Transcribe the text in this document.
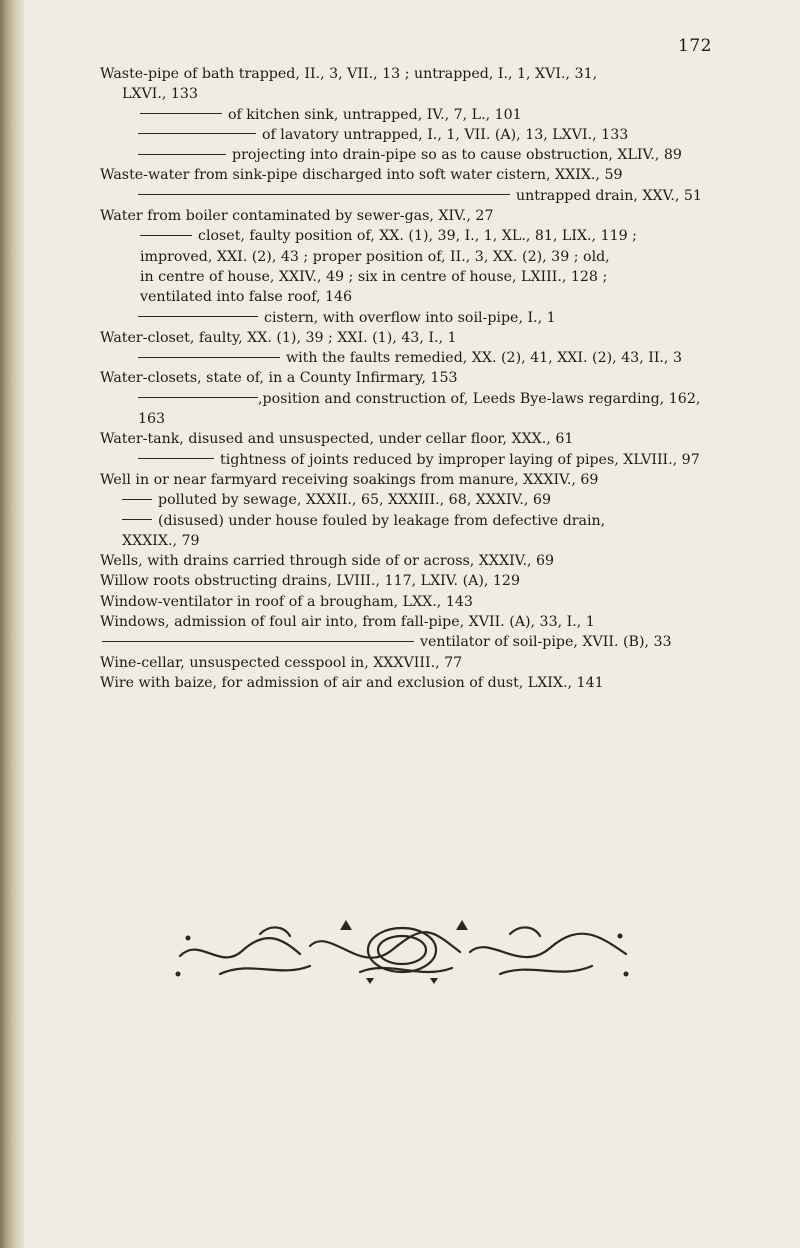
172
Waste-pipe of bath trapped, II., 3, VII., 13 ; untrapped, I., 1, XVI., 31,
LXVI., 133
of kitchen sink, untrapped, IV., 7, L., 101
of lavatory untrapped, I., 1, VII. (A), 13, LXVI., 133
projecting into drain-pipe so as to cause obstruction, XLIV., 89
Waste-water from sink-pipe discharged into soft water cistern, XXIX., 59
untrapped drain, XXV., 51
Water from boiler contaminated by sewer-gas, XIV., 27
closet, faulty position of, XX. (1), 39, I., 1, XL., 81, LIX., 119 ;
improved, XXI. (2), 43 ; proper position of, II., 3, XX. (2), 39 ; old,
in centre of house, XXIV., 49 ; six in centre of house, LXIII., 128 ;
ventilated into false roof, 146
cistern, with overflow into soil-pipe, I., 1
Water-closet, faulty, XX. (1), 39 ; XXI. (1), 43, I., 1
with the faults remedied, XX. (2), 41, XXI. (2), 43, II., 3
Water-closets, state of, in a County Infirmary, 153
,position and construction of, Leeds Bye-laws regarding, 162, 163
Water-tank, disused and unsuspected, under cellar floor, XXX., 61
tightness of joints reduced by improper laying of pipes, XLVIII., 97
Well in or near farmyard receiving soakings from manure, XXXIV., 69
polluted by sewage, XXXII., 65, XXXIII., 68, XXXIV., 69
(disused) under house fouled by leakage from defective drain,
XXXIX., 79
Wells, with drains carried through side of or across, XXXIV., 69
Willow roots obstructing drains, LVIII., 117, LXIV. (A), 129
Window-ventilator in roof of a brougham, LXX., 143
Windows, admission of foul air into, from fall-pipe, XVII. (A), 33, I., 1
ventilator of soil-pipe, XVII. (B), 33
Wine-cellar, unsuspected cesspool in, XXXVIII., 77
Wire with baize, for admission of air and exclusion of dust, LXIX., 141
